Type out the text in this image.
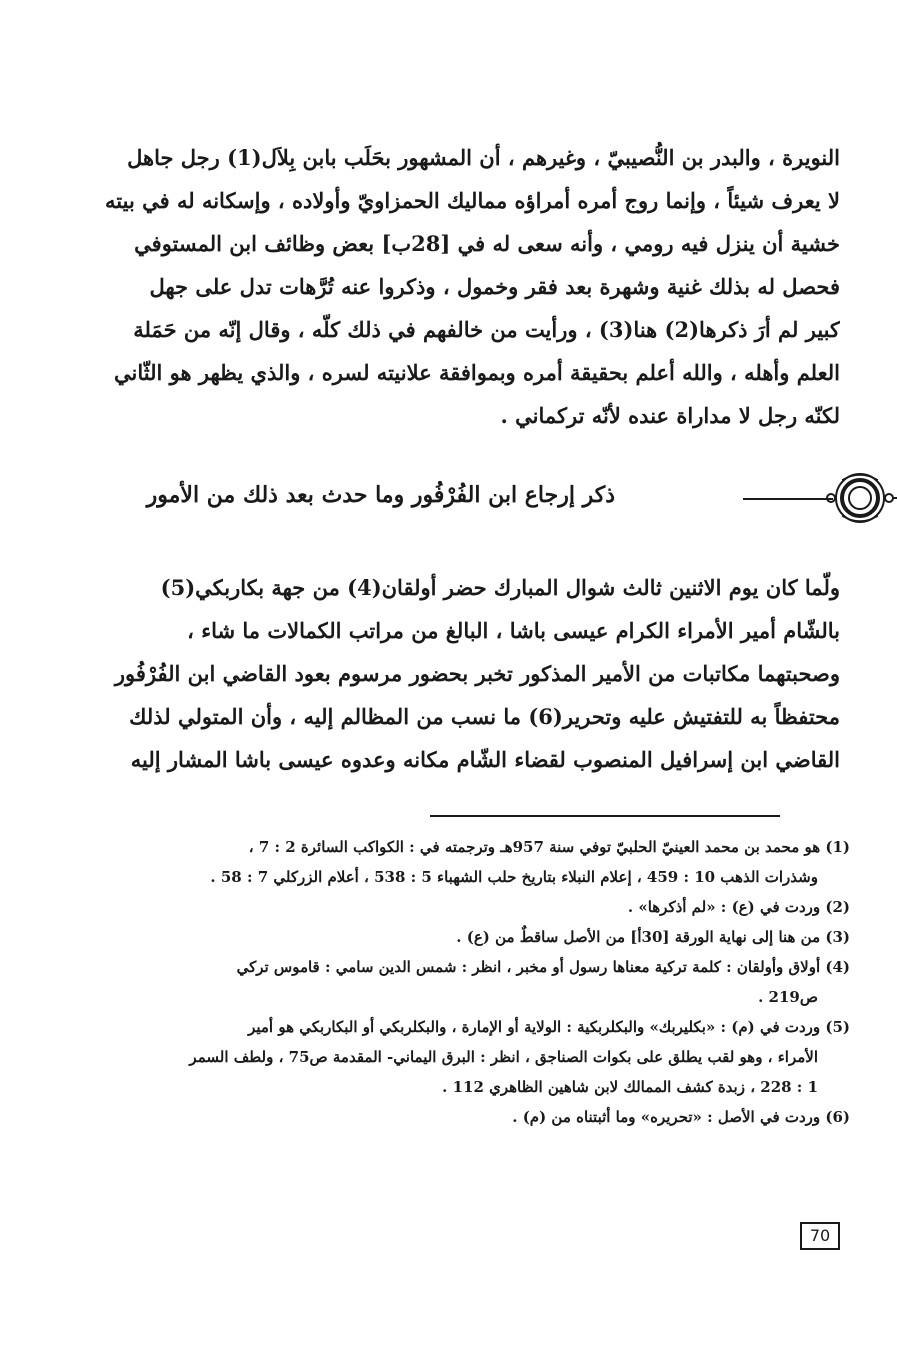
النويرة ، والبدر بن النُّصيبيّ ، وغيرهم ، أن المشهور بحَلَب بابن بِلاَل(1) رجل جاهل
لا يعرف شيئاً ، وإنما روج أمره أمراؤه مماليك الحمزاويّ وأولاده ، وإسكانه له في بيته
خشية أن ينزل فيه رومي ، وأنه سعى له في [28ب] بعض وظائف ابن المستوفي
فحصل له بذلك غنية وشهرة بعد فقر وخمول ، وذكروا عنه تُرَّهات تدل على جهل
كبير لم أرَ ذكرها(2) هنا(3) ، ورأيت من خالفهم في ذلك كلّه ، وقال إنّه من حَمَلة
العلم وأهله ، والله أعلم بحقيقة أمره وبموافقة علانيته لسره ، والذي يظهر هو الثّاني
لكنّه رجل لا مداراة عنده لأنّه تركماني .
ذكر إرجاع ابن الفُرْفُور وما حدث بعد ذلك من الأمور
ولّما كان يوم الاثنين ثالث شوال المبارك حضر أولقان(4) من جهة بكاربكي(5)
بالشّام أمير الأمراء الكرام عيسى باشا ، البالغ من مراتب الكمالات ما شاء ،
وصحبتهما مكاتبات من الأمير المذكور تخبر بحضور مرسوم بعود القاضي ابن الفُرْفُور
محتفظاً به للتفتيش عليه وتحرير(6) ما نسب من المظالم إليه ، وأن المتولي لذلك
القاضي ابن إسرافيل المنصوب لقضاء الشّام مكانه وعدوه عيسى باشا المشار إليه
(1) هو محمد بن محمد العينيّ الحلبيّ توفي سنة 957هـ وترجمته في : الكواكب السائرة 2 : 7 ،
وشذرات الذهب 10 : 459 ، إعلام النبلاء بتاريخ حلب الشهباء 5 : 538 ، أعلام الزركلي 7 : 58 .
(2) وردت في (ع) : «لم أذكرها» .
(3) من هنا إلى نهاية الورقة [30أ] من الأصل ساقطٌ من (ع) .
(4) أولاق وأولقان : كلمة تركية معناها رسول أو مخبر ، انظر : شمس الدين سامي : قاموس تركي
ص219 .
(5) وردت في (م) : «بكليربك» والبكلربكية : الولاية أو الإمارة ، والبكلربكي أو البكاربكي هو أمير
الأمراء ، وهو لقب يطلق على بكوات الصناجق ، انظر : البرق اليماني- المقدمة ص75 ، ولطف السمر
1 : 228 ، زبدة كشف الممالك لابن شاهين الظاهري 112 .
(6) وردت في الأصل : «تحريره» وما أثبتناه من (م) .
70
